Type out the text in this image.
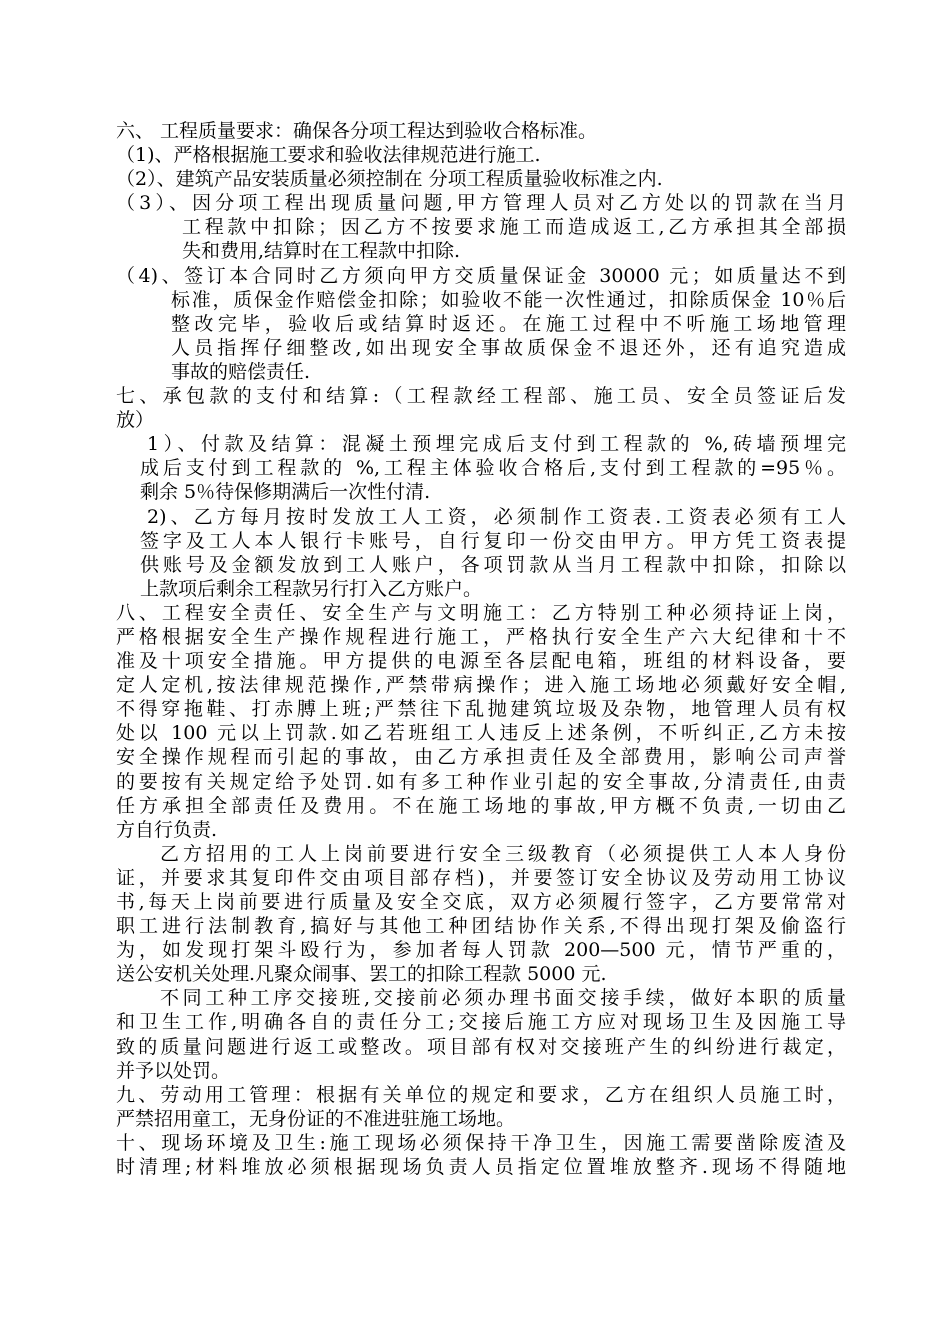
六、 工程质量要求：确保各分项工程达到验收合格标准。
（1)、严格根据施工要求和验收法律规范进行施工.
（2）、建筑产品安装质量必须控制在 分项工程质量验收标准之内.
（3）、因分项工程出现质量问题,甲方管理人员对乙方处以的罚款在当月
工程款中扣除；因乙方不按要求施工而造成返工,乙方承担其全部损
失和费用,结算时在工程款中扣除.
（4)、签订本合同时乙方须向甲方交质量保证金 30000 元；如质量达不到
标准，质保金作赔偿金扣除；如验收不能一次性通过，扣除质保金 10％后
整改完毕，验收后或结算时返还。在施工过程中不听施工场地管理
人员指挥仔细整改,如出现安全事故质保金不退还外，还有追究造成
事故的赔偿责任.
七、承包款的支付和结算:（工程款经工程部、施工员、安全员签证后发
放）
1）、付款及结算：混凝土预埋完成后支付到工程款的 %,砖墙预埋完
成后支付到工程款的 %,工程主体验收合格后,支付到工程款的=95％。
剩余 5％待保修期满后一次性付清.
2)、乙方每月按时发放工人工资，必须制作工资表.工资表必须有工人
签字及工人本人银行卡账号，自行复印一份交由甲方。甲方凭工资表提
供账号及金额发放到工人账户，各项罚款从当月工程款中扣除，扣除以
上款项后剩余工程款另行打入乙方账户。
八、工程安全责任、安全生产与文明施工：乙方特别工种必须持证上岗，
严格根据安全生产操作规程进行施工，严格执行安全生产六大纪律和十不
准及十项安全措施。甲方提供的电源至各层配电箱，班组的材料设备，要
定人定机,按法律规范操作,严禁带病操作；进入施工场地必须戴好安全帽,
不得穿拖鞋、打赤膊上班;严禁往下乱抛建筑垃圾及杂物，地管理人员有权
处以 100 元以上罚款.如乙若班组工人违反上述条例，不听纠正,乙方未按
安全操作规程而引起的事故，由乙方承担责任及全部费用，影响公司声誉
的要按有关规定给予处罚.如有多工种作业引起的安全事故,分清责任,由责
任方承担全部责任及费用。不在施工场地的事故,甲方概不负责,一切由乙
方自行负责.
乙方招用的工人上岗前要进行安全三级教育（必须提供工人本人身份
证，并要求其复印件交由项目部存档)，并要签订安全协议及劳动用工协议
书,每天上岗前要进行质量及安全交底，双方必须履行签字，乙方要常常对
职工进行法制教育,搞好与其他工种团结协作关系,不得出现打架及偷盗行
为，如发现打架斗殴行为，参加者每人罚款 200—500 元，情节严重的，
送公安机关处理.凡聚众闹事、罢工的扣除工程款 5000 元.
不同工种工序交接班,交接前必须办理书面交接手续，做好本职的质量
和卫生工作,明确各自的责任分工;交接后施工方应对现场卫生及因施工导
致的质量问题进行返工或整改。项目部有权对交接班产生的纠纷进行裁定，
并予以处罚。
九、劳动用工管理：根据有关单位的规定和要求，乙方在组织人员施工时，
严禁招用童工，无身份证的不准进驻施工场地。
十、现场环境及卫生:施工现场必须保持干净卫生，因施工需要凿除废渣及
时清理;材料堆放必须根据现场负责人员指定位置堆放整齐.现场不得随地
